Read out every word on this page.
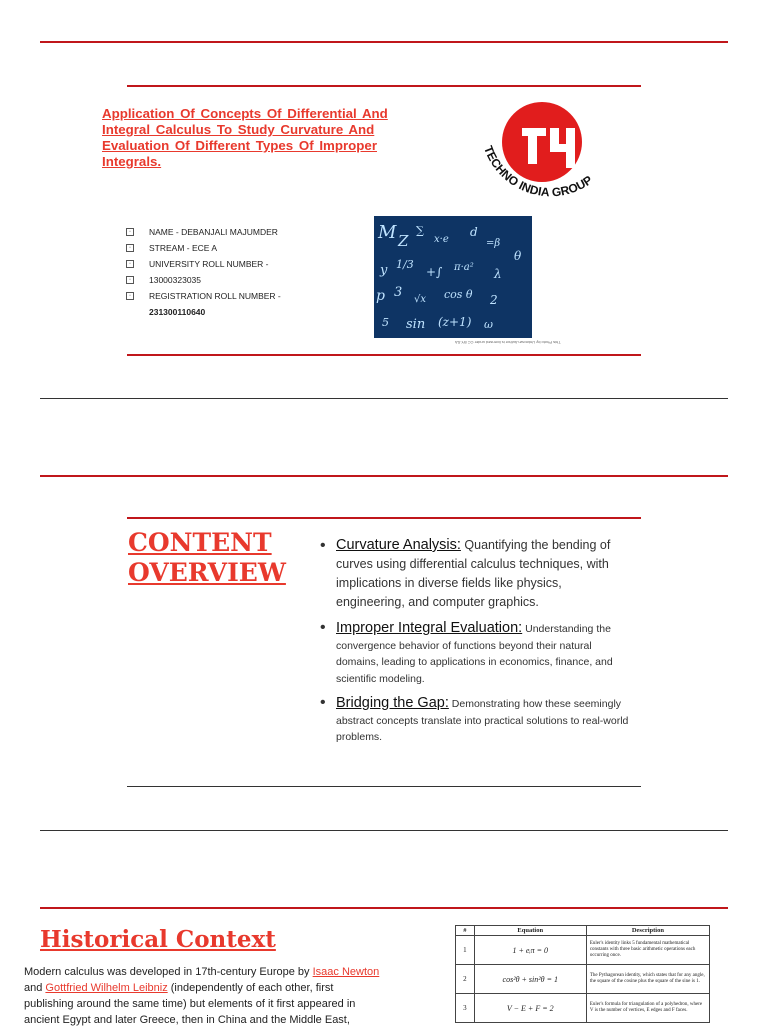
Application Of Concepts Of Differential And Integral Calculus To Study Curvature And Evaluation Of Different Types Of Improper Integrals.
TECHNO INDIA GROUP
▫	NAME - DEBANJALI MAJUMDER
▫	STREAM - ECE A
▫	UNIVERSITY ROLL NUMBER -
▫	13000323035
▫	REGISTRATION ROLL NUMBER -
231300110640
M Z
∑
x·e
d
=β
y 1/3
+∫ π·a² λ
p 3 √x cos θ 2
5 sin (z+1) ω
θ
This Photo by Unknown Author is licensed under CC BY-SA
CONTENT
OVERVIEW
• Curvature Analysis: Quantifying the bending of curves using differential calculus techniques, with implications in diverse fields like physics, engineering, and computer graphics.
• Improper Integral Evaluation: Understanding the convergence behavior of functions beyond their natural domains, leading to applications in economics, finance, and scientific modeling.
• Bridging the Gap: Demonstrating how these seemingly abstract concepts translate into practical solutions to real-world problems.
Historical Context
Modern calculus was developed in 17th-century Europe by Isaac Newton and Gottfried Wilhelm Leibniz (independently of each other, first publishing around the same time) but elements of it first appeared in ancient Egypt and later Greece, then in China and the Middle East,
#	Equation	Description
1	1 + eᵢπ = 0	Euler's identity links 5 fundamental mathematical constants with three basic arithmetic operations each occurring once.
2	cos²θ + sin²θ = 1	The Pythagorean identity, which states that for any angle, the square of the cosine plus the square of the sine is 1.
3	V − E + F = 2	Euler's formula for triangulation of a polyhedron, where V is the number of vertices, E edges and F faces.
